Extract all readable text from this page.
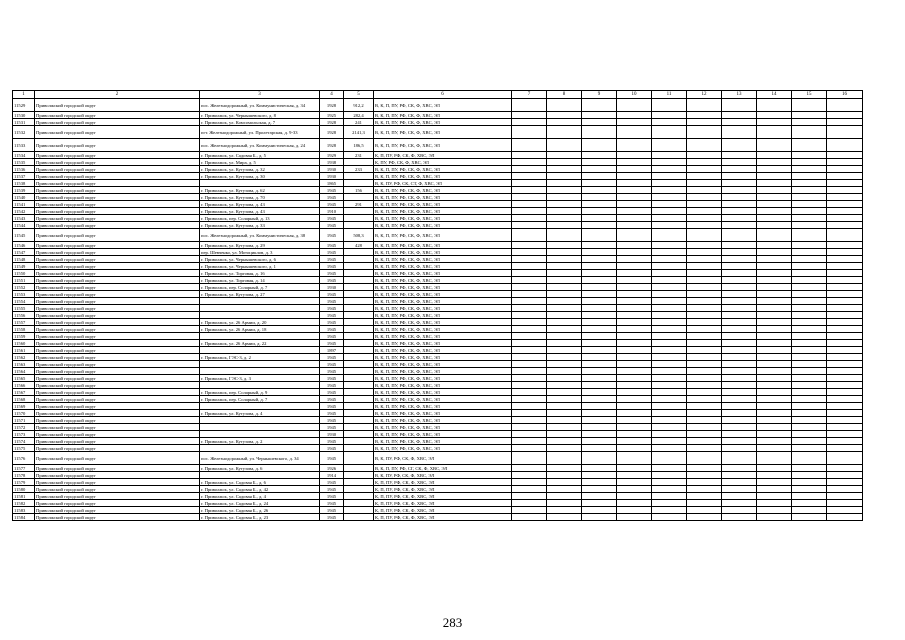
1	2	3	4	5	6	7	8	9	10	11	12	13	14	15	16
11529	Приволжский городской округ	пос. Железнодорожный, ул. Коммунистическая, д. 34	1928	912,2	В, К, П, ПУ, РФ, СК, Ф, ХВС, ЭЛ										
11530	Приволжский городской округ	г. Приволжск, ул. Чернышевского, д. 8	1925	282,4	В, К, П, ПУ, РФ, СК, Ф, ХВС, ЭЛ										
11531	Приволжский городской округ	г. Приволжск, ул. Комсомольская, д. 7	1928	241	В, К, П, ПУ, РФ, СК, Ф, ХВС, ЭЛ										
11532	Приволжский городской округ	пгт. Железнодорожный, ул. Пролетарская, д. 9-33	1928	2141,3	В, К, П, ПУ, РФ, СК, Ф, ХВС, ЭЛ										
11533	Приволжский городской округ	пос. Железнодорожный, ул. Коммунистическая, д. 24	1928	186,5	В, К, П, ПУ, РФ, СК, Ф, ХВС, ЭЛ										
11534	Приволжский городской округ	г. Приволжск, ул. Садовая Б., д. 5	1929	231	К, П, ПУ, РФ, СК, Ф, ХВС, ЭЛ										
11535	Приволжский городской округ	г. Приволжск, ул. Мира, д. 5	1938		К, ПУ, РФ, СК, Ф, ХВС, ЭЛ										
11536	Приволжский городской округ	г. Приволжск, ул. Кутузова, д. 32	1930	233	В, К, П, ПУ, РФ, СК, Ф, ХВС, ЭЛ										
11537	Приволжский городской округ	г. Приволжск, ул. Кутузова, д. 30	1930		В, К, П, ПУ, РФ, СК, Ф, ХВС, ЭЛ										
11538	Приволжский городской округ		1865		В, К, ПУ, РФ, СК, СТ, Ф, ХВС, ЭЛ										
11539	Приволжский городской округ	г. Приволжск, ул. Кутузова, д. 62	1945	156	В, К, П, ПУ, РФ, СК, Ф, ХВС, ЭЛ										
11540	Приволжский городской округ	г. Приволжск, ул. Кутузова, д. 70	1945		В, К, П, ПУ, РФ, СК, Ф, ХВС, ЭЛ										
11541	Приволжский городской округ	г. Приволжск, ул. Кутузова, д. 43	1945	291	В, К, П, ПУ, РФ, СК, Ф, ХВС, ЭЛ										
11542	Приволжский городской округ	г. Приволжск, ул. Кутузова, д. 43	1910		В, К, П, ПУ, РФ, СК, Ф, ХВС, ЭЛ										
11543	Приволжский городской округ	г. Приволжск, пер. Соларный, д. 13	1945		В, К, П, ПУ, РФ, СК, Ф, ХВС, ЭЛ										
11544	Приволжский городской округ	г. Приволжск, ул. Кутузова, д. 33	1945		В, К, П, ПУ, РФ, СК, Ф, ХВС, ЭЛ										
11545	Приволжский городской округ	пос. Железнодорожный, ул. Коммунистическая, д. 38	1945	508,3	В, К, П, ПУ, РФ, СК, Ф, ХВС, ЭЛ										
11546	Приволжский городской округ	г. Приволжск, ул. Кутузова, д. 29	1945	428	В, К, П, ПУ, РФ, СК, Ф, ХВС, ЭЛ										
11547	Приволжский городской округ	пер. Шевченко, ул. Мотоциклов, д. 3	1945		В, К, П, ПУ, РФ, СК, Ф, ХВС, ЭЛ										
11548	Приволжский городской округ	г. Приволжск, ул. Чернышевского, д. 6	1945		В, К, П, ПУ, РФ, СК, Ф, ХВС, ЭЛ										
11549	Приволжский городской округ	г. Приволжск, ул. Чернышевского, д. 1	1945		В, К, П, ПУ, РФ, СК, Ф, ХВС, ЭЛ										
11550	Приволжский городской округ	г. Приволжск, ул. Торговая, д. 16	1945		В, К, П, ПУ, РФ, СК, Ф, ХВС, ЭЛ										
11551	Приволжский городской округ	г. Приволжск, ул. Торговая, д. 14	1945		В, К, П, ПУ, РФ, СК, Ф, ХВС, ЭЛ										
11552	Приволжский городской округ	г. Приволжск, пер. Соларный, д. 7	1930		В, К, П, ПУ, РФ, СК, Ф, ХВС, ЭЛ										
11553	Приволжский городской округ	г. Приволжск, ул. Кутузова, д. 27	1945		В, К, П, ПУ, РФ, СК, Ф, ХВС, ЭЛ										
11554	Приволжский городской округ		1945		В, К, П, ПУ, РФ, СК, Ф, ХВС, ЭЛ										
11555	Приволжский городской округ		1945		В, К, П, ПУ, РФ, СК, Ф, ХВС, ЭЛ										
11556	Приволжский городской округ		1945		В, К, П, ПУ, РФ, СК, Ф, ХВС, ЭЛ										
11557	Приволжский городской округ	г. Приволжск, ул. 26 Армии, д. 20	1945		В, К, П, ПУ, РФ, СК, Ф, ХВС, ЭЛ										
11558	Приволжский городской округ	г. Приволжск, ул. 26 Армии, д. 18	1945		В, К, П, ПУ, РФ, СК, Ф, ХВС, ЭЛ										
11559	Приволжский городской округ		1945		В, К, П, ПУ, РФ, СК, Ф, ХВС, ЭЛ										
11560	Приволжский городской округ	г. Приволжск, ул. 26 Армии, д. 22	1945		В, К, П, ПУ, РФ, СК, Ф, ХВС, ЭЛ										
11561	Приволжский городской округ		1897		В, К, П, ПУ, РФ, СК, Ф, ХВС, ЭЛ										
11562	Приволжский городской округ	г. Приволжск, ГЭС-3, д. 2	1945		В, К, П, ПУ, РФ, СК, Ф, ХВС, ЭЛ										
11563	Приволжский городской округ		1945		В, К, П, ПУ, РФ, СК, Ф, ХВС, ЭЛ										
11564	Приволжский городской округ		1945		В, К, П, ПУ, РФ, СК, Ф, ХВС, ЭЛ										
11565	Приволжский городской округ	г. Приволжск, ГЭС-3, д. 3	1945		В, К, П, ПУ, РФ, СК, Ф, ХВС, ЭЛ										
11566	Приволжский городской округ		1945		В, К, П, ПУ, РФ, СК, Ф, ХВС, ЭЛ										
11567	Приволжский городской округ	г. Приволжск, пер. Соларный, д. 9	1945		В, К, П, ПУ, РФ, СК, Ф, ХВС, ЭЛ										
11568	Приволжский городской округ	г. Приволжск, пер. Соларный, д. 7	1945		В, К, П, ПУ, РФ, СК, Ф, ХВС, ЭЛ										
11569	Приволжский городской округ		1945		В, К, П, ПУ, РФ, СК, Ф, ХВС, ЭЛ										
11570	Приволжский городской округ	г. Приволжск, ул. Кутузова, д. 4	1945		В, К, П, ПУ, РФ, СК, Ф, ХВС, ЭЛ										
11571	Приволжский городской округ		1945		В, К, П, ПУ, РФ, СК, Ф, ХВС, ЭЛ										
11572	Приволжский городской округ		1945		В, К, П, ПУ, РФ, СК, Ф, ХВС, ЭЛ										
11573	Приволжский городской округ		1930		В, К, П, ПУ, РФ, СК, Ф, ХВС, ЭЛ										
11574	Приволжский городской округ	г. Приволжск, ул. Кутузова, д. 2	1945		В, К, П, ПУ, РФ, СК, Ф, ХВС, ЭЛ										
11575	Приволжский городской округ		1945		В, К, П, ПУ, РФ, СК, Ф, ХВС, ЭЛ										
11576	Приволжский городской округ	пос. Железнодорожный, ул. Чернышевского, д. 34	1945		В, К, ПУ, РФ, СК, Ф, ХВС, ЭЛ										
11577	Приволжский городской округ	г. Приволжск, ул. Кутузова, д. 6	1926		В, К, П, ПУ, РФ, СГ, СК, Ф, ХВС, ЭЛ										
11578	Приволжский городской округ		1914		В, К, ПУ, РФ, СК, Ф, ХВС, ЭЛ										
11579	Приволжский городской округ	г. Приволжск, ул. Садовая Б., д. 6	1945		К, П, ПУ, РФ, СК, Ф, ХВС, ЭЛ										
11580	Приволжский городской округ	г. Приволжск, ул. Садовая Б., д. 42	1945		К, П, ПУ, РФ, СК, Ф, ХВС, ЭЛ										
11581	Приволжский городской округ	г. Приволжск, ул. Садовая Б., д. 4	1945		К, П, ПУ, РФ, СК, Ф, ХВС, ЭЛ										
11582	Приволжский городской округ	г. Приволжск, ул. Садовая Б., д. 24	1945		К, П, ПУ, РФ, СК, Ф, ХВС, ЭЛ										
11583	Приволжский городской округ	г. Приволжск, ул. Садовая Б., д. 26	1945		К, П, ПУ, РФ, СК, Ф, ХВС, ЭЛ										
11584	Приволжский городской округ	г. Приволжск, ул. Садовая Б., д. 23	1945		К, П, ПУ, РФ, СК, Ф, ХВС, ЭЛ										
283
